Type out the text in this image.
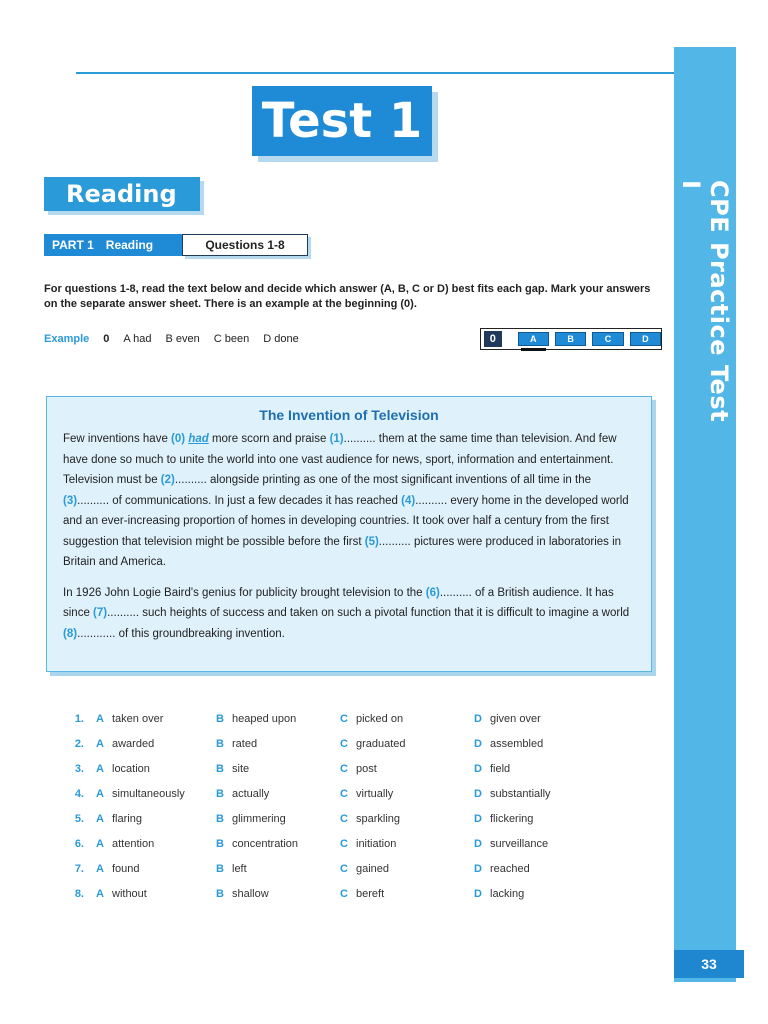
CPE Practice Test I
33
Test 1
Reading
PART 1 Reading	Questions 1-8
For questions 1-8, read the text below and decide which answer (A, B, C or D) best fits each gap. Mark your answers on the separate answer sheet. There is an example at the beginning (0).
Example 0 A had B even C been D done	0	A	B	C	D
The Invention of Television

Few inventions have (0) had more scorn and praise (1).......... them at the same time than television. And few have done so much to unite the world into one vast audience for news, sport, information and entertainment. Television must be (2).......... alongside printing as one of the most significant inventions of all time in the (3).......... of communications. In just a few decades it has reached (4).......... every home in the developed world and an ever-increasing proportion of homes in developing countries. It took over half a century from the first suggestion that television might be possible before the first (5).......... pictures were produced in laboratories in Britain and America.

In 1926 John Logie Baird's genius for publicity brought television to the (6).......... of a British audience. It has since (7).......... such heights of success and taken on such a pivotal function that it is difficult to imagine a world (8)............ of this groundbreaking invention.

1.	A taken over	B heaped upon	C picked on	D given over
2.	A awarded	B rated	C graduated	D assembled
3.	A location	B site	C post	D field
4.	A simultaneously	B actually	C virtually	D substantially
5.	A flaring	B glimmering	C sparkling	D flickering
6.	A attention	B concentration	C initiation	D surveillance
7.	A found	B left	C gained	D reached
8.	A without	B shallow	C bereft	D lacking
